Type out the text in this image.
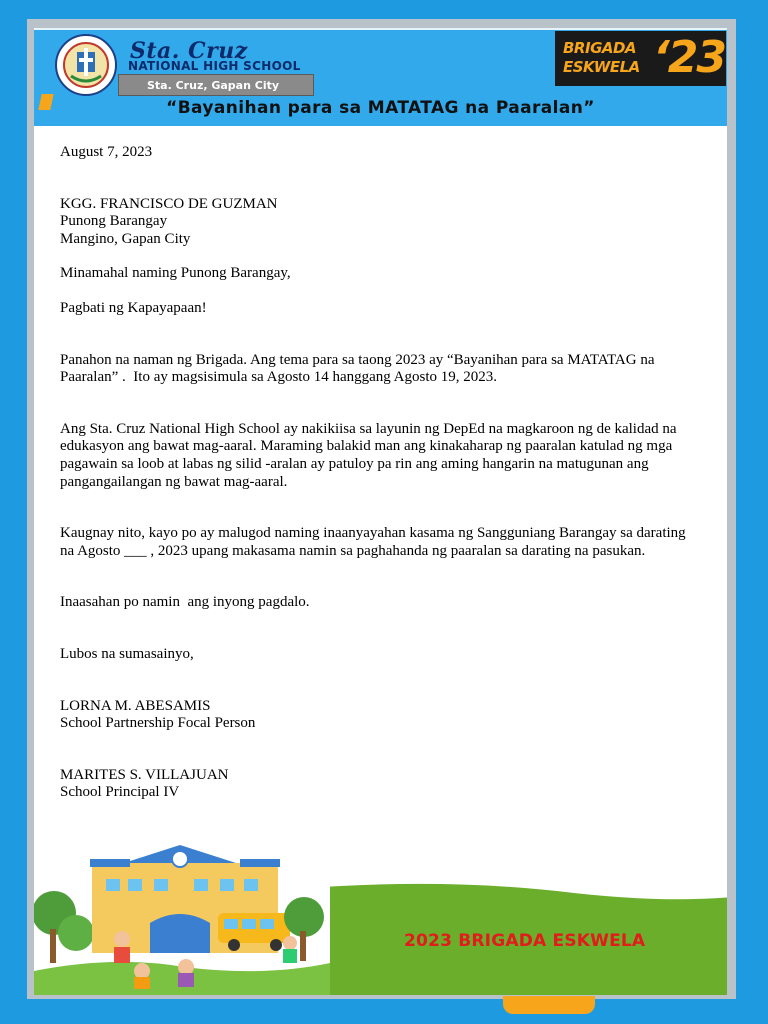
Sta. Cruz
NATIONAL HIGH SCHOOL
Sta. Cruz, Gapan City
BRIGADA
ESKWELA ‘23
“Bayanihan para sa MATATAG na Paaralan”

August 7, 2023

KGG. FRANCISCO DE GUZMAN

Punong Barangay

Mangino, Gapan City

Minamahal naming Punong Barangay,

Pagbati ng Kapayapaan!

Panahon na naman ng Brigada. Ang tema para sa taong 2023 ay “Bayanihan para sa MATATAG na Paaralan” .  Ito ay magsisimula sa Agosto 14 hanggang Agosto 19, 2023.

Ang Sta. Cruz National High School ay nakikiisa sa layunin ng DepEd na magkaroon ng de kalidad na edukasyon ang bawat mag-aaral. Maraming balakid man ang kinakaharap ng paaralan katulad ng mga pagawain sa loob at labas ng silid -aralan ay patuloy pa rin ang aming hangarin na matugunan ang pangangailangan ng bawat mag-aaral.

Kaugnay nito, kayo po ay malugod naming inaanyayahan kasama ng Sangguniang Barangay sa darating na Agosto ___ , 2023 upang makasama namin sa paghahanda ng paaralan sa darating na pasukan.

Inaasahan po namin  ang inyong pagdalo.

Lubos na sumasainyo,

LORNA M. ABESAMIS

School Partnership Focal Person

MARITES S. VILLAJUAN

School Principal IV

2023 BRIGADA ESKWELA
